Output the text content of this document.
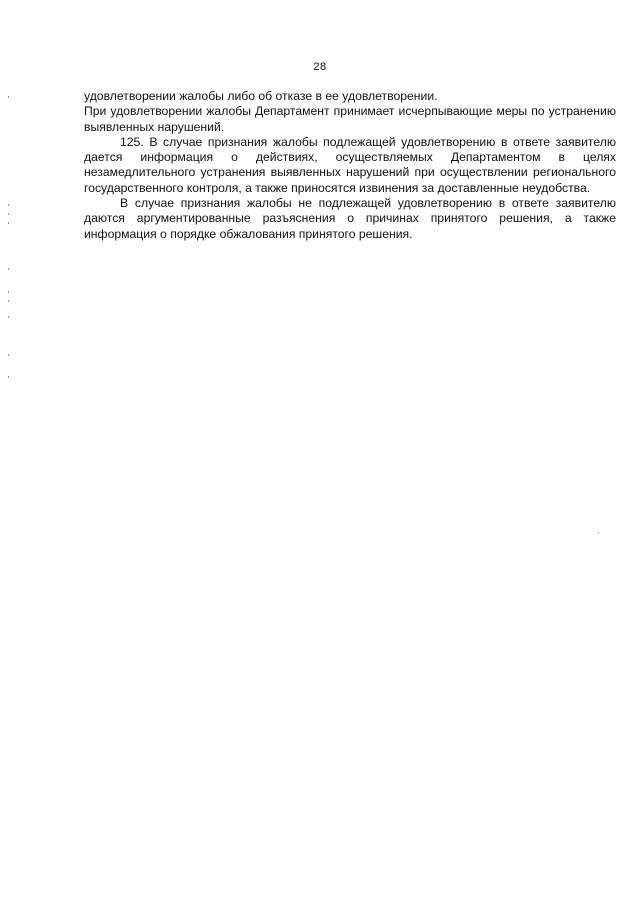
28

удовлетворении жалобы либо об отказе в ее удовлетворении.

При удовлетворении жалобы Департамент принимает исчерпывающие меры по устранению выявленных нарушений.

125. В случае признания жалобы подлежащей удовлетворению в ответе заявителю дается информация о действиях, осуществляемых Департаментом в целях незамедлительного устранения выявленных нарушений при осуществлении регионального государственного контроля, а также приносятся извинения за доставленные неудобства.

В случае признания жалобы не подлежащей удовлетворению в ответе заявителю даются аргументированные разъяснения о причинах принятого решения, а также информация о порядке обжалования принятого решения.
